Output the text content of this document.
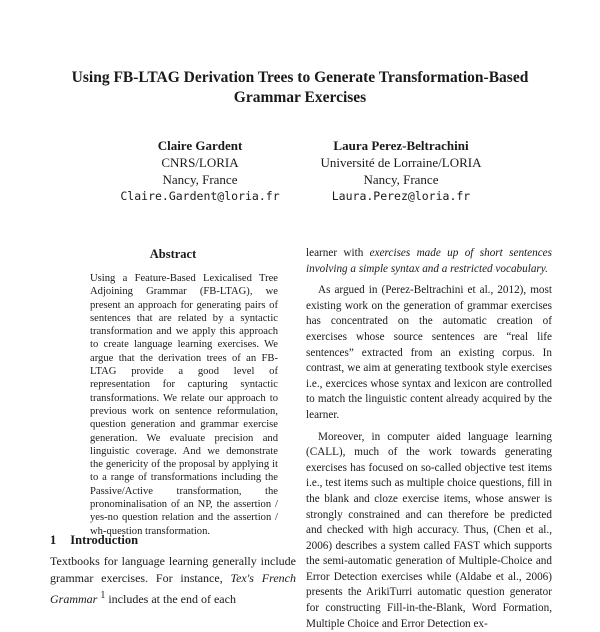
Using FB-LTAG Derivation Trees to Generate Transformation-Based Grammar Exercises
Claire Gardent
CNRS/LORIA
Nancy, France
Claire.Gardent@loria.fr
Laura Perez-Beltrachini
Université de Lorraine/LORIA
Nancy, France
Laura.Perez@loria.fr
Abstract

Using a Feature-Based Lexicalised Tree Adjoining Grammar (FB-LTAG), we present an approach for generating pairs of sentences that are related by a syntactic transformation and we apply this approach to create language learning exercises. We argue that the derivation trees of an FB-LTAG provide a good level of representation for capturing syntactic transformations. We relate our approach to previous work on sentence reformulation, question generation and grammar exercise generation. We evaluate precision and linguistic coverage. And we demonstrate the genericity of the proposal by applying it to a range of transformations including the Passive/Active transformation, the pronominalisation of an NP, the assertion / yes-no question relation and the assertion / wh-question transformation.

1 Introduction

Textbooks for language learning generally include grammar exercises. For instance, Tex's French Grammar $^1$ includes at the end of each

learner with exercises made up of short sentences involving a simple syntax and a restricted vocabulary.

As argued in (Perez-Beltrachini et al., 2012), most existing work on the generation of grammar exercises has concentrated on the automatic creation of exercises whose source sentences are “real life sentences” extracted from an existing corpus. In contrast, we aim at generating textbook style exercises i.e., exercices whose syntax and lexicon are controlled to match the linguistic content already acquired by the learner.

Moreover, in computer aided language learning (CALL), much of the work towards generating exercises has focused on so-called objective test items i.e., test items such as multiple choice questions, fill in the blank and cloze exercise items, whose answer is strongly constrained and can therefore be predicted and checked with high accuracy. Thus, (Chen et al., 2006) describes a system called FAST which supports the semi-automatic generation of Multiple-Choice and Error Detection exercises while (Aldabe et al., 2006) presents the ArikiTurri automatic question generator for constructing Fill-in-the-Blank, Word Formation, Multiple Choice and Error Detection ex-
